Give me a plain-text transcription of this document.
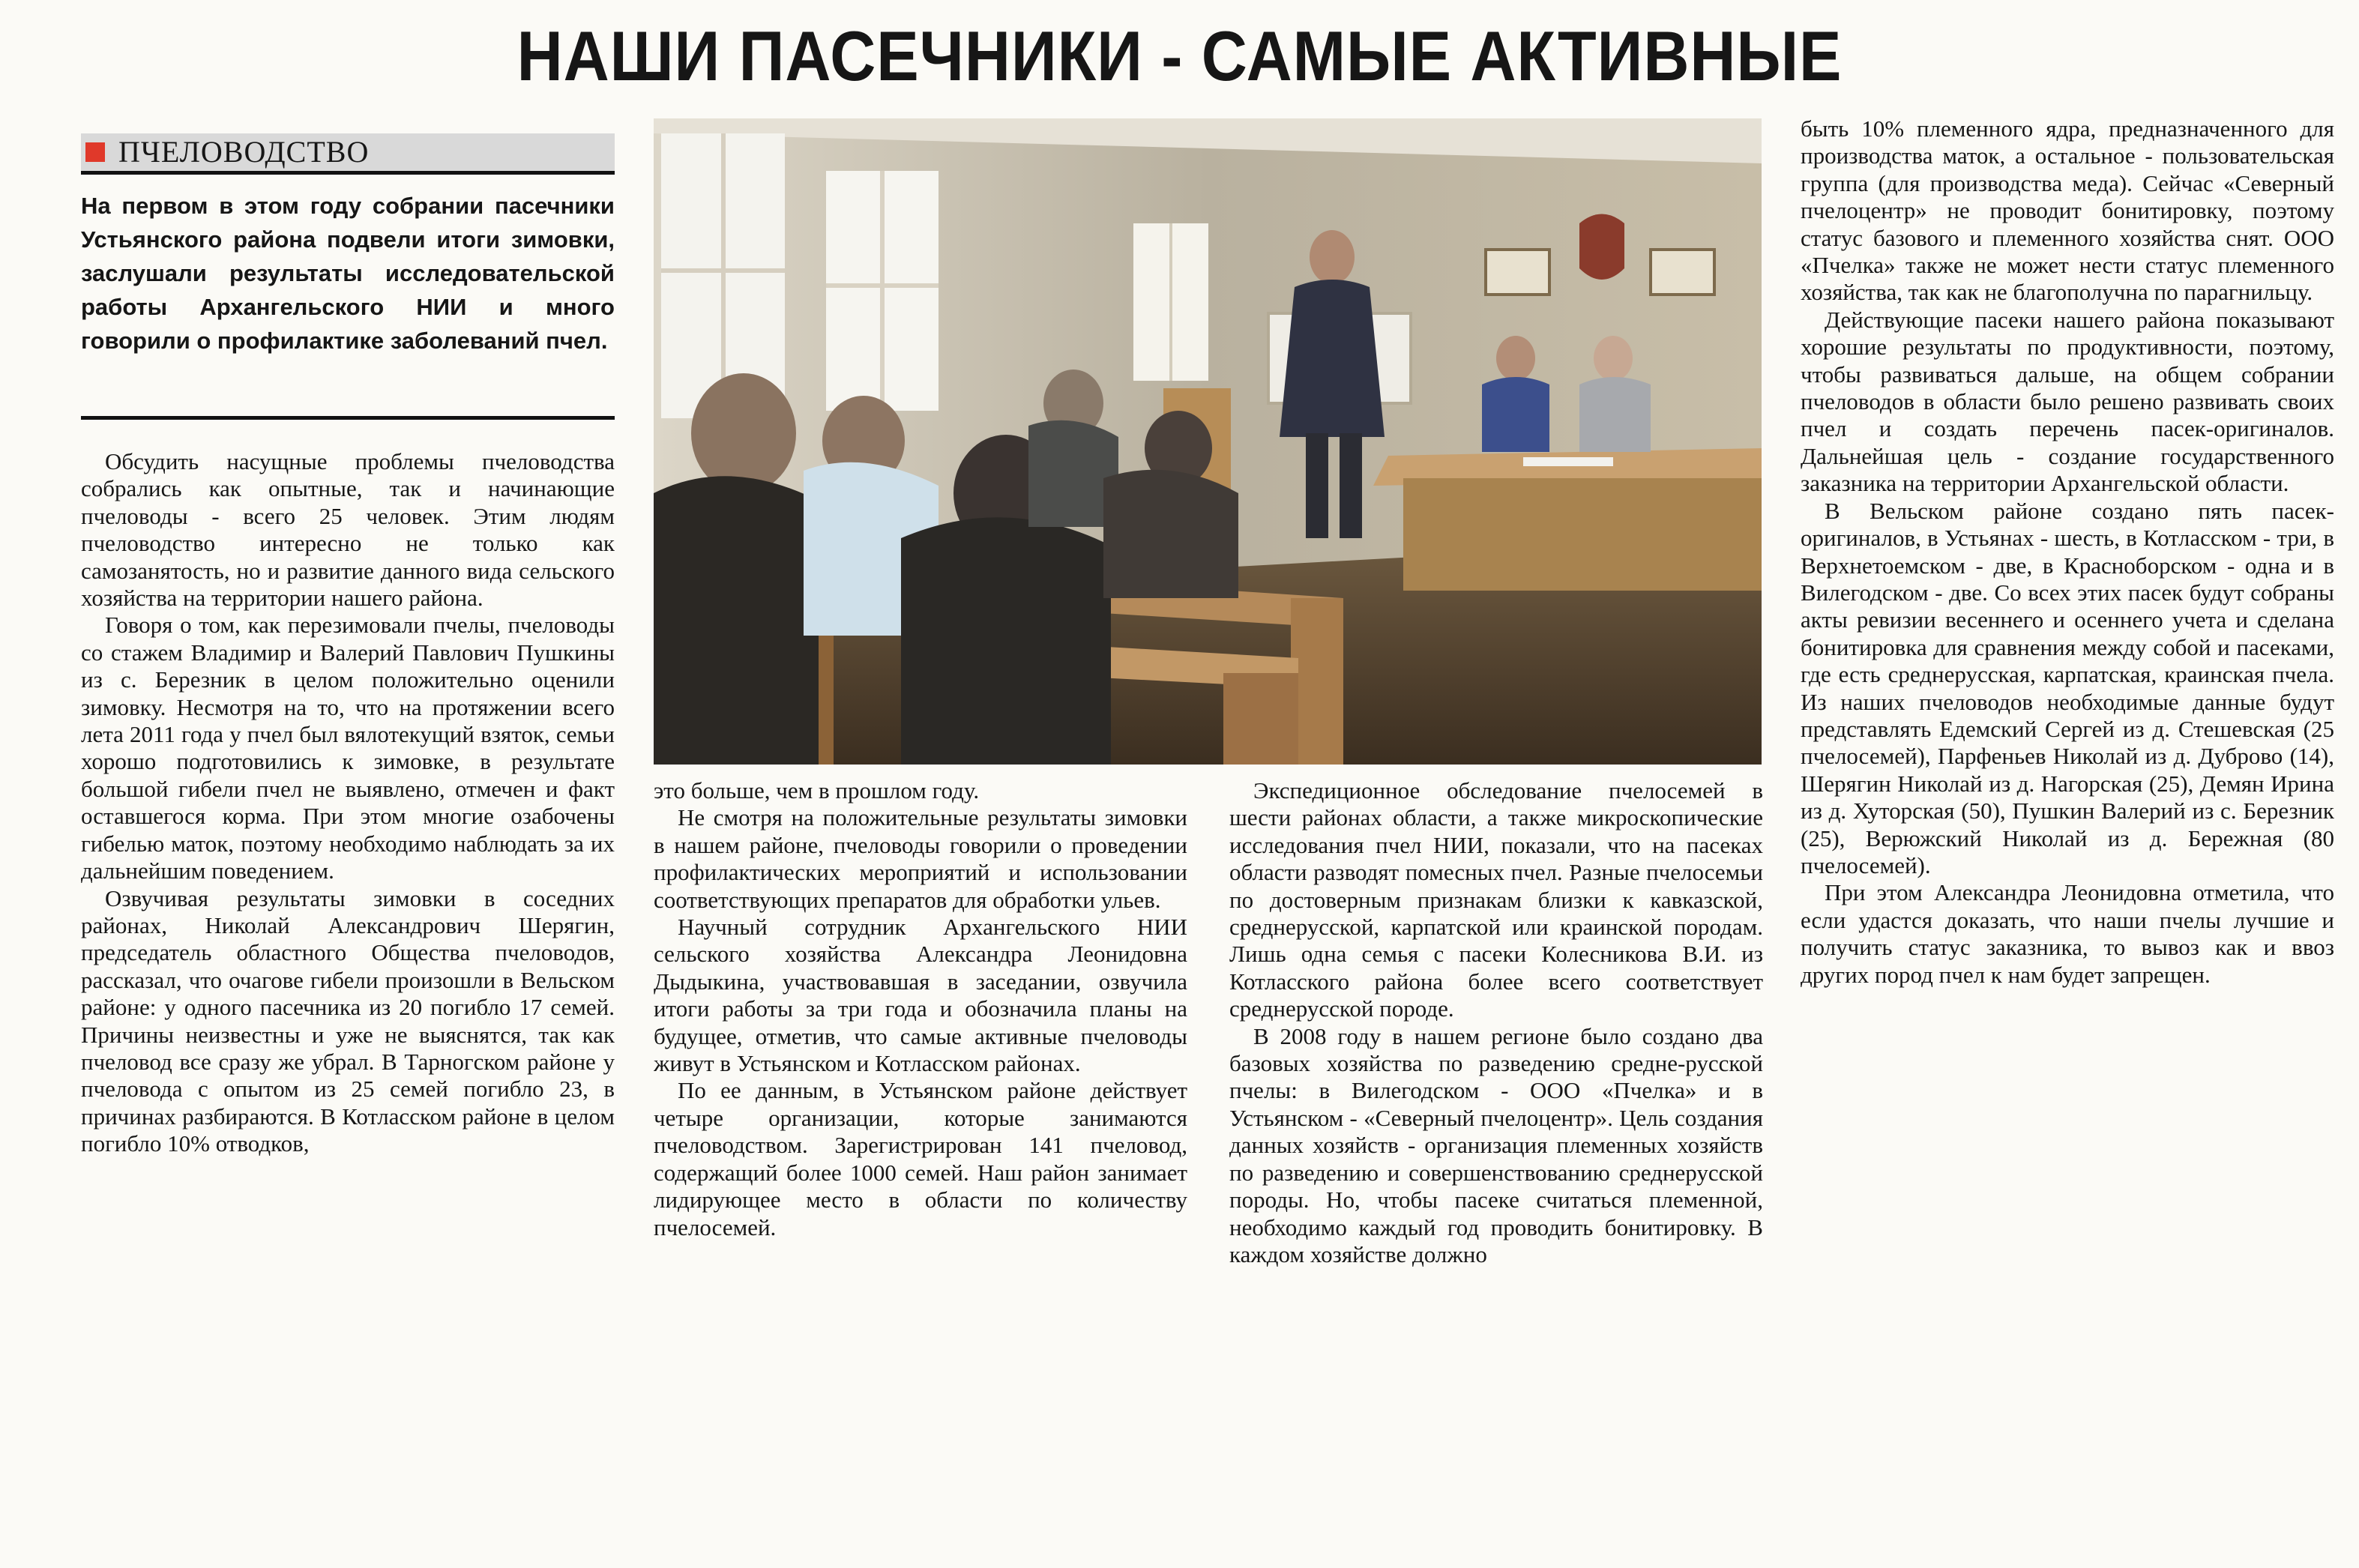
НАШИ ПАСЕЧНИКИ - САМЫЕ АКТИВНЫЕ
ПЧЕЛОВОДСТВО

На первом в этом году собрании пасечники Устьянского района подвели итоги зимовки, заслушали результаты исследовательской работы Архангельского НИИ и много говорили о профилактике заболеваний пчел.

Обсудить насущные проблемы пчеловодства собрались как опытные, так и начинающие пчеловоды - всего 25 человек. Этим людям пчеловодство интересно не только как самозанятость, но и развитие данного вида сельского хозяйства на территории нашего района.

Говоря о том, как перезимовали пчелы, пчеловоды со стажем Владимир и Валерий Павлович Пушкины из с. Березник в целом положительно оценили зимовку. Несмотря на то, что на протяжении всего лета 2011 года у пчел был вялотекущий взяток, семьи хорошо подготовились к зимовке, в результате большой гибели пчел не выявлено, отмечен и факт оставшегося корма. При этом многие озабочены гибелью маток, поэтому необходимо наблюдать за их дальнейшим поведением.

Озвучивая результаты зимовки в соседних районах, Николай Александрович Шерягин, председатель областного Общества пчеловодов, рассказал, что очагове гибели произошли в Вельском районе: у одного пасечника из 20 погибло 17 семей. Причины неизвестны и уже не выяснятся, так как пчеловод все сразу же убрал. В Тарногском районе у пчеловода с опытом из 25 семей погибло 23, в причинах разбираются. В Котласском районе в целом погибло 10% отводков,

это больше, чем в прошлом году.

Не смотря на положительные результаты зимовки в нашем районе, пчеловоды говорили о проведении профилактических мероприятий и использовании соответствующих препаратов для обработки ульев.

Научный сотрудник Архангельского НИИ сельского хозяйства Александра Леонидовна Дыдыкина, участвовавшая в заседании, озвучила итоги работы за три года и обозначила планы на будущее, отметив, что самые активные пчеловоды живут в Устьянском и Котласском районах.

По ее данным, в Устьянском районе действует четыре организации, которые занимаются пчеловодством. Зарегистрирован 141 пчеловод, содержащий более 1000 семей. Наш район занимает лидирующее место в области по количеству пчелосемей.

Экспедиционное обследование пчелосемей в шести районах области, а также микроскопические исследования пчел НИИ, показали, что на пасеках области разводят помесных пчел. Разные пчелосемьи по достоверным признакам близки к кавказской, среднерусской, карпатской или краинской породам. Лишь одна семья с пасеки Колесникова В.И. из Котласского района более всего соответствует среднерусской породе.

В 2008 году в нашем регионе было создано два базовых хозяйства по разведению средне-русской пчелы: в Вилегодском - ООО «Пчелка» и в Устьянском - «Северный пчелоцентр». Цель создания данных хозяйств - организация племенных хозяйств по разведению и совершенствованию среднерусской породы. Но, чтобы пасеке считаться племенной, необходимо каждый год проводить бонитировку. В каждом хозяйстве должно

быть 10% племенного ядра, предназначенного для производства маток, а остальное - пользовательская группа (для производства меда). Сейчас «Северный пчелоцентр» не проводит бонитировку, поэтому статус базового и племенного хозяйства снят. ООО «Пчелка» также не может нести статус племенного хозяйства, так как не благополучна по парагнильцу.

Действующие пасеки нашего района показывают хорошие результаты по продуктивности, поэтому, чтобы развиваться дальше, на общем собрании пчеловодов в области было решено развивать своих пчел и создать перечень пасек-оригиналов. Дальнейшая цель - создание государственного заказника на территории Архангельской области.

В Вельском районе создано пять пасек-оригиналов, в Устьянах - шесть, в Котласском - три, в Верхнетоемском - две, в Красноборском - одна и в Вилегодском - две. Со всех этих пасек будут собраны акты ревизии весеннего и осеннего учета и сделана бонитировка для сравнения между собой и пасеками, где есть среднерусская, карпатская, краинская пчела. Из наших пчеловодов необходимые данные будут представлять Едемский Сергей из д. Стешевская (25 пчелосемей), Парфеньев Николай из д. Дуброво (14), Шерягин Николай из д. Нагорская (25), Демян Ирина из д. Хуторская (50), Пушкин Валерий из с. Березник (25), Верюжский Николай из д. Бережная (80 пчелосемей).

При этом Александра Леонидовна отметила, что если удастся доказать, что наши пчелы лучшие и получить статус заказника, то вывоз как и ввоз других пород пчел к нам будет запрещен.
